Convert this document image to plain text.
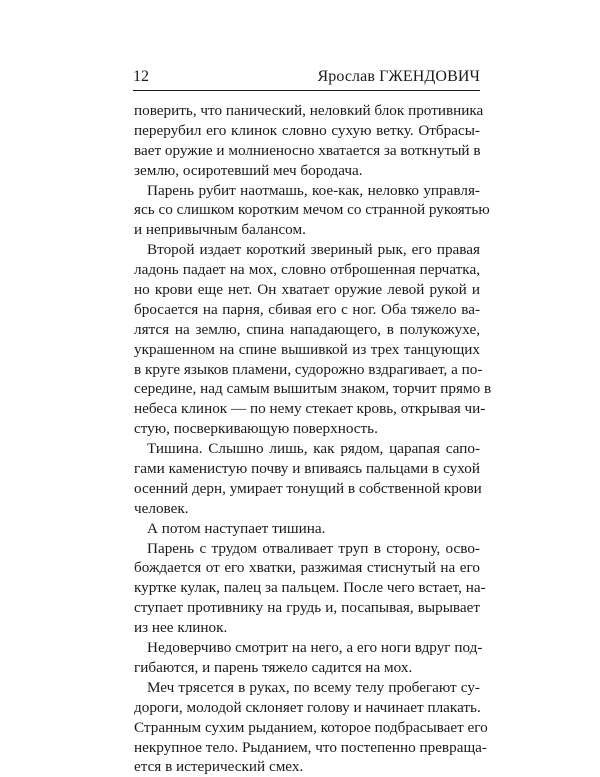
12	Ярослав ГЖЕНДОВИЧ
поверить, что панический, неловкий блок противника
перерубил его клинок словно сухую ветку. Отбрасы-
вает оружие и молниеносно хватается за воткнутый в
землю, осиротевший меч бородача.
Парень рубит наотмашь, кое-как, неловко управля-
ясь со слишком коротким мечом со странной рукоятью
и непривычным балансом.
Второй издает короткий звериный рык, его правая
ладонь падает на мох, словно отброшенная перчатка,
но крови еще нет. Он хватает оружие левой рукой и
бросается на парня, сбивая его с ног. Оба тяжело ва-
лятся на землю, спина нападающего, в полукожухе,
украшенном на спине вышивкой из трех танцующих
в круге языков пламени, судорожно вздрагивает, а по-
середине, над самым вышитым знаком, торчит прямо в
небеса клинок — по нему стекает кровь, открывая чи-
стую, посверкивающую поверхность.
Тишина. Слышно лишь, как рядом, царапая сапо-
гами каменистую почву и впиваясь пальцами в сухой
осенний дерн, умирает тонущий в собственной крови
человек.
А потом наступает тишина.
Парень с трудом отваливает труп в сторону, осво-
бождается от его хватки, разжимая стиснутый на его
куртке кулак, палец за пальцем. После чего встает, на-
ступает противнику на грудь и, посапывая, вырывает
из нее клинок.
Недоверчиво смотрит на него, а его ноги вдруг под-
гибаются, и парень тяжело садится на мох.
Меч трясется в руках, по всему телу пробегают су-
дороги, молодой склоняет голову и начинает плакать.
Странным сухим рыданием, которое подбрасывает его
некрупное тело. Рыданием, что постепенно превраща-
ется в истерический смех.
